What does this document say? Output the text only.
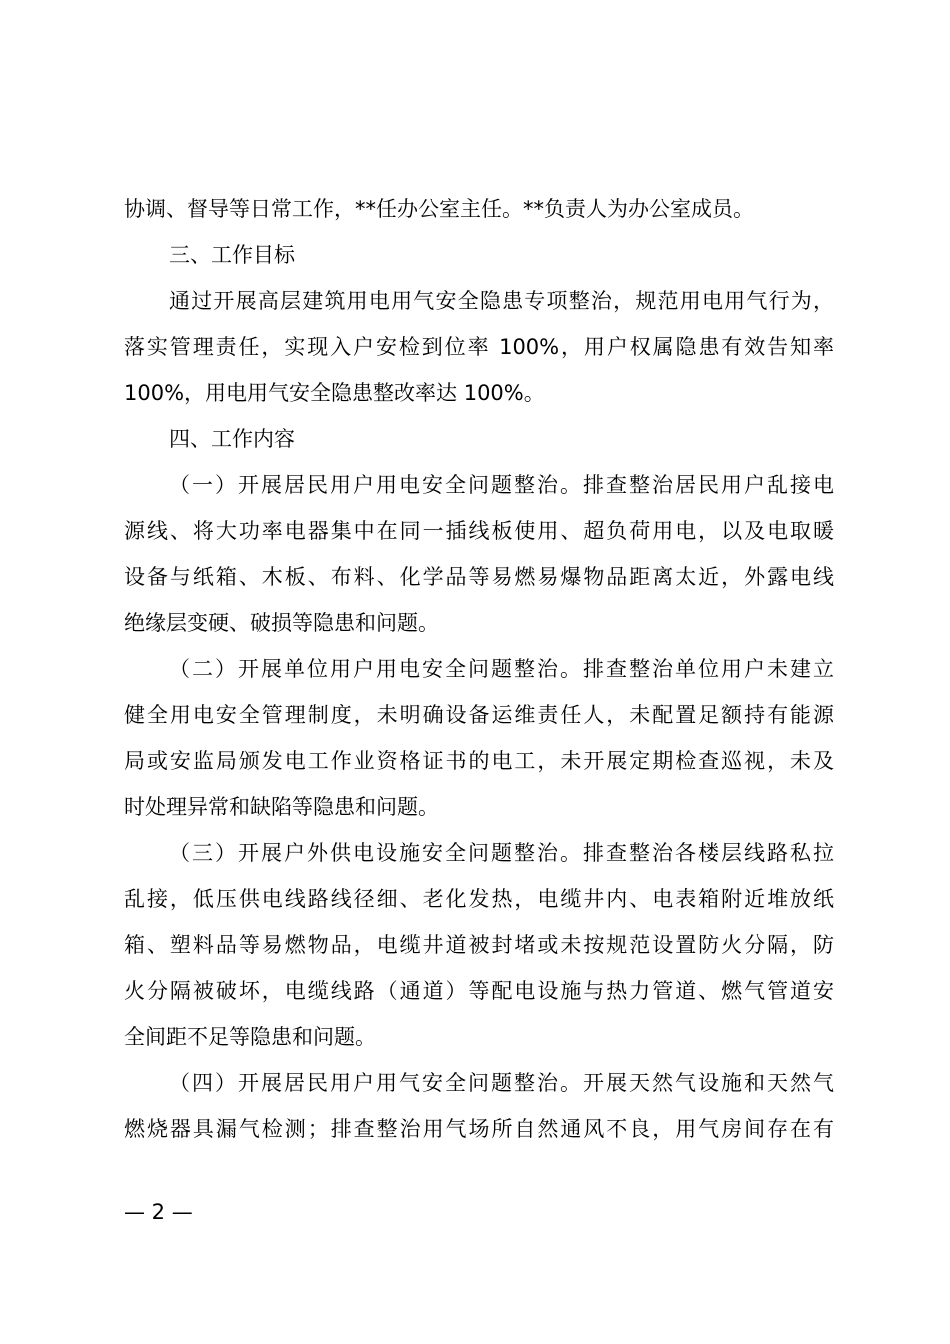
协调、督导等日常工作，**任办公室主任。**负责人为办公室成员。
三、工作目标
通过开展高层建筑用电用气安全隐患专项整治，规范用电用气行为，
落实管理责任，实现入户安检到位率 100%，用户权属隐患有效告知率
100%，用电用气安全隐患整改率达 100%。
四、工作内容
（一）开展居民用户用电安全问题整治。排查整治居民用户乱接电
源线、将大功率电器集中在同一插线板使用、超负荷用电，以及电取暖
设备与纸箱、木板、布料、化学品等易燃易爆物品距离太近，外露电线
绝缘层变硬、破损等隐患和问题。
（二）开展单位用户用电安全问题整治。排查整治单位用户未建立
健全用电安全管理制度，未明确设备运维责任人，未配置足额持有能源
局或安监局颁发电工作业资格证书的电工，未开展定期检查巡视，未及
时处理异常和缺陷等隐患和问题。
（三）开展户外供电设施安全问题整治。排查整治各楼层线路私拉
乱接，低压供电线路线径细、老化发热，电缆井内、电表箱附近堆放纸
箱、塑料品等易燃物品，电缆井道被封堵或未按规范设置防火分隔，防
火分隔被破坏，电缆线路（通道）等配电设施与热力管道、燃气管道安
全间距不足等隐患和问题。
（四）开展居民用户用气安全问题整治。开展天然气设施和天然气
燃烧器具漏气检测；排查整治用气场所自然通风不良，用气房间存在有
— 2 —
